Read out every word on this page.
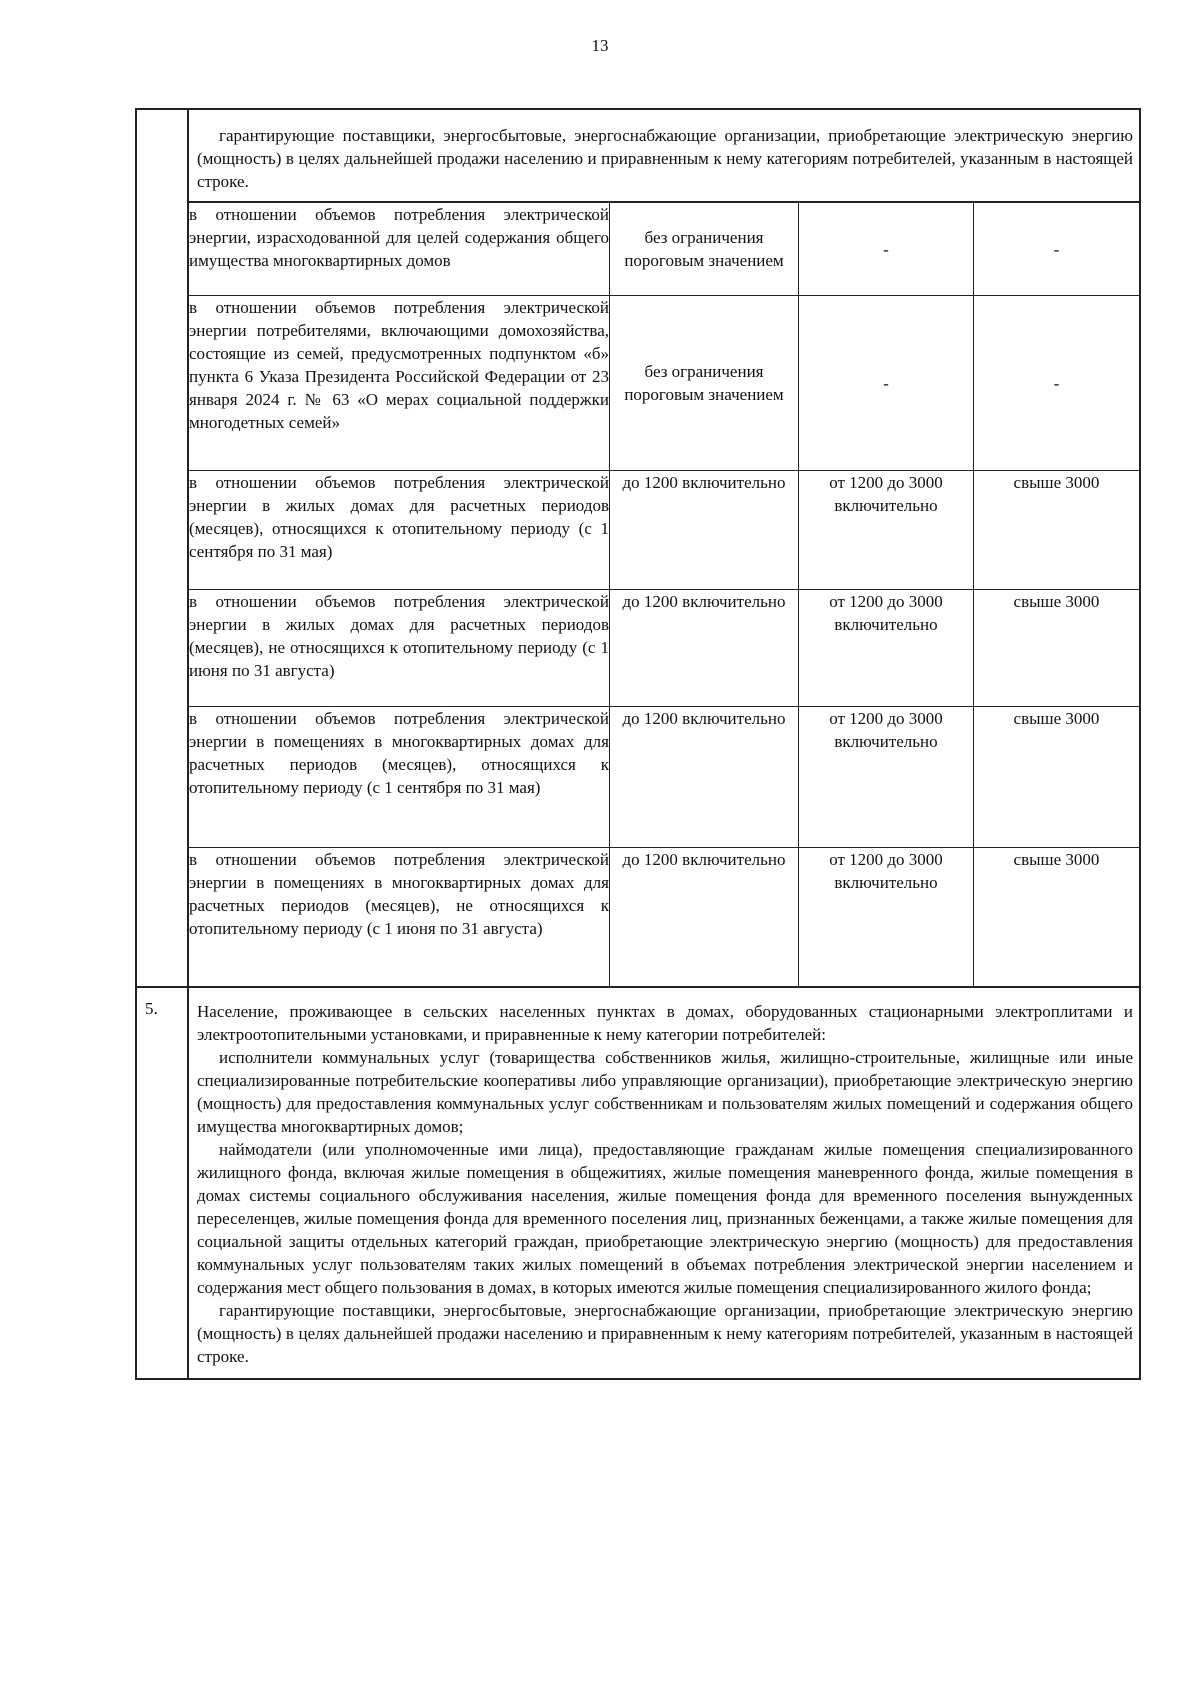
13

гарантирующие поставщики, энергосбытовые, энергоснабжающие организации, приобретающие электрическую энергию (мощность) в целях дальнейшей продажи населению и приравненным к нему категориям потребителей, указанным в настоящей строке.
в отношении объемов потребления электрической энергии, израсходованной для целей содержания общего имущества многоквартирных домов	без ограничения пороговым значением	-	-
в отношении объемов потребления электрической энергии потребителями, включающими домохозяйства, состоящие из семей, предусмотренных подпунктом «б» пункта 6 Указа Президента Российской Федерации от 23 января 2024 г. № 63 «О мерах социальной поддержки многодетных семей»	без ограничения пороговым значением	-	-
в отношении объемов потребления электрической энергии в жилых домах для расчетных периодов (месяцев), относящихся к отопительному периоду (с 1 сентября по 31 мая)	до 1200 включительно	от 1200 до 3000 включительно	свыше 3000
в отношении объемов потребления электрической энергии в жилых домах для расчетных периодов (месяцев), не относящихся к отопительному периоду (с 1 июня по 31 августа)	до 1200 включительно	от 1200 до 3000 включительно	свыше 3000
в отношении объемов потребления электрической энергии в помещениях в многоквартирных домах для расчетных периодов (месяцев), относящихся к отопительному периоду (с 1 сентября по 31 мая)	до 1200 включительно	от 1200 до 3000 включительно	свыше 3000
в отношении объемов потребления электрической энергии в помещениях в многоквартирных домах для расчетных периодов (месяцев), не относящихся к отопительному периоду (с 1 июня по 31 августа)	до 1200 включительно	от 1200 до 3000 включительно	свыше 3000

5.	Население, проживающее в сельских населенных пунктах в домах, оборудованных стационарными электроплитами и электроотопительными установками, и приравненные к нему категории потребителей:
исполнители коммунальных услуг (товарищества собственников жилья, жилищно-строительные, жилищные или иные специализированные потребительские кооперативы либо управляющие организации), приобретающие электрическую энергию (мощность) для предоставления коммунальных услуг собственникам и пользователям жилых помещений и содержания общего имущества многоквартирных домов;
наймодатели (или уполномоченные ими лица), предоставляющие гражданам жилые помещения специализированного жилищного фонда, включая жилые помещения в общежитиях, жилые помещения маневренного фонда, жилые помещения в домах системы социального обслуживания населения, жилые помещения фонда для временного поселения вынужденных переселенцев, жилые помещения фонда для временного поселения лиц, признанных беженцами, а также жилые помещения для социальной защиты отдельных категорий граждан, приобретающие электрическую энергию (мощность) для предоставления коммунальных услуг пользователям таких жилых помещений в объемах потребления электрической энергии населением и содержания мест общего пользования в домах, в которых имеются жилые помещения специализированного жилого фонда;
гарантирующие поставщики, энергосбытовые, энергоснабжающие организации, приобретающие электрическую энергию (мощность) в целях дальнейшей продажи населению и приравненным к нему категориям потребителей, указанным в настоящей строке.
